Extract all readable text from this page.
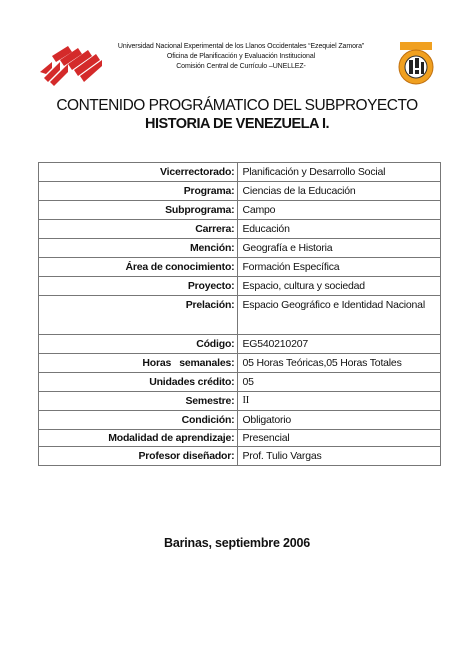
Universidad Nacional Experimental de los Llanos Occidentales “Ezequiel Zamora”
Oficina de Planificación y Evaluación Institucional
Comisión Central de Currículo –UNELLEZ-
CONTENIDO PROGRÁMATICO DEL SUBPROYECTO
HISTORIA DE VENEZUELA I.
Vicerrectorado:	Planificación y Desarrollo Social
Programa:	Ciencias de la Educación
Subprograma:	Campo
Carrera:	Educación
Mención:	Geografía e Historia
Área de conocimiento:	Formación Específica
Proyecto:	Espacio, cultura y sociedad
Prelación:	Espacio Geográfico e Identidad Nacional
Código:	EG540210207
Horas   semanales:	05 Horas Teóricas,05 Horas Totales
Unidades crédito:	05
Semestre:	II
Condición:	Obligatorio
Modalidad de aprendizaje:	Presencial
Profesor diseñador:	Prof. Tulio Vargas
Barinas, septiembre 2006
